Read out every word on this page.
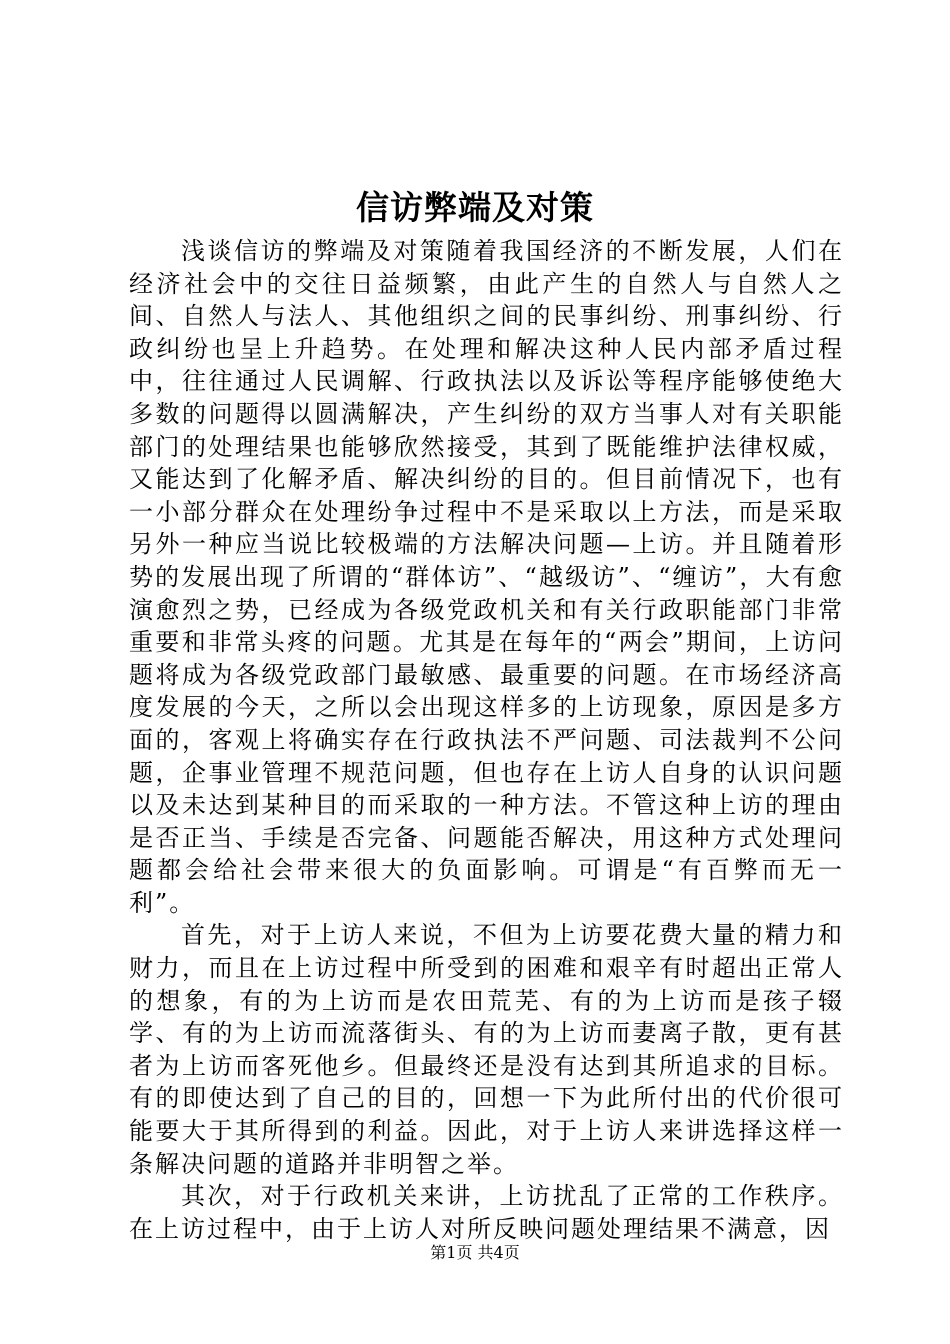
信访弊端及对策

浅谈信访的弊端及对策随着我国经济的不断发展，人们在经济社会中的交往日益频繁，由此产生的自然人与自然人之间、自然人与法人、其他组织之间的民事纠纷、刑事纠纷、行政纠纷也呈上升趋势。在处理和解决这种人民内部矛盾过程中，往往通过人民调解、行政执法以及诉讼等程序能够使绝大多数的问题得以圆满解决，产生纠纷的双方当事人对有关职能部门的处理结果也能够欣然接受，其到了既能维护法律权威，又能达到了化解矛盾、解决纠纷的目的。但目前情况下，也有一小部分群众在处理纷争过程中不是采取以上方法，而是采取另外一种应当说比较极端的方法解决问题—上访。并且随着形势的发展出现了所谓的“群体访”、“越级访”、“缠访”，大有愈演愈烈之势，已经成为各级党政机关和有关行政职能部门非常重要和非常头疼的问题。尤其是在每年的“两会”期间，上访问题将成为各级党政部门最敏感、最重要的问题。在市场经济高度发展的今天，之所以会出现这样多的上访现象，原因是多方面的，客观上将确实存在行政执法不严问题、司法裁判不公问题，企事业管理不规范问题，但也存在上访人自身的认识问题以及未达到某种目的而采取的一种方法。不管这种上访的理由是否正当、手续是否完备、问题能否解决，用这种方式处理问题都会给社会带来很大的负面影响。可谓是“有百弊而无一利”。

首先，对于上访人来说，不但为上访要花费大量的精力和财力，而且在上访过程中所受到的困难和艰辛有时超出正常人的想象，有的为上访而是农田荒芜、有的为上访而是孩子辍学、有的为上访而流落街头、有的为上访而妻离子散，更有甚者为上访而客死他乡。但最终还是没有达到其所追求的目标。有的即使达到了自己的目的，回想一下为此所付出的代价很可能要大于其所得到的利益。因此，对于上访人来讲选择这样一条解决问题的道路并非明智之举。

其次，对于行政机关来讲，上访扰乱了正常的工作秩序。在上访过程中，由于上访人对所反映问题处理结果不满意，因

第1页 共4页
